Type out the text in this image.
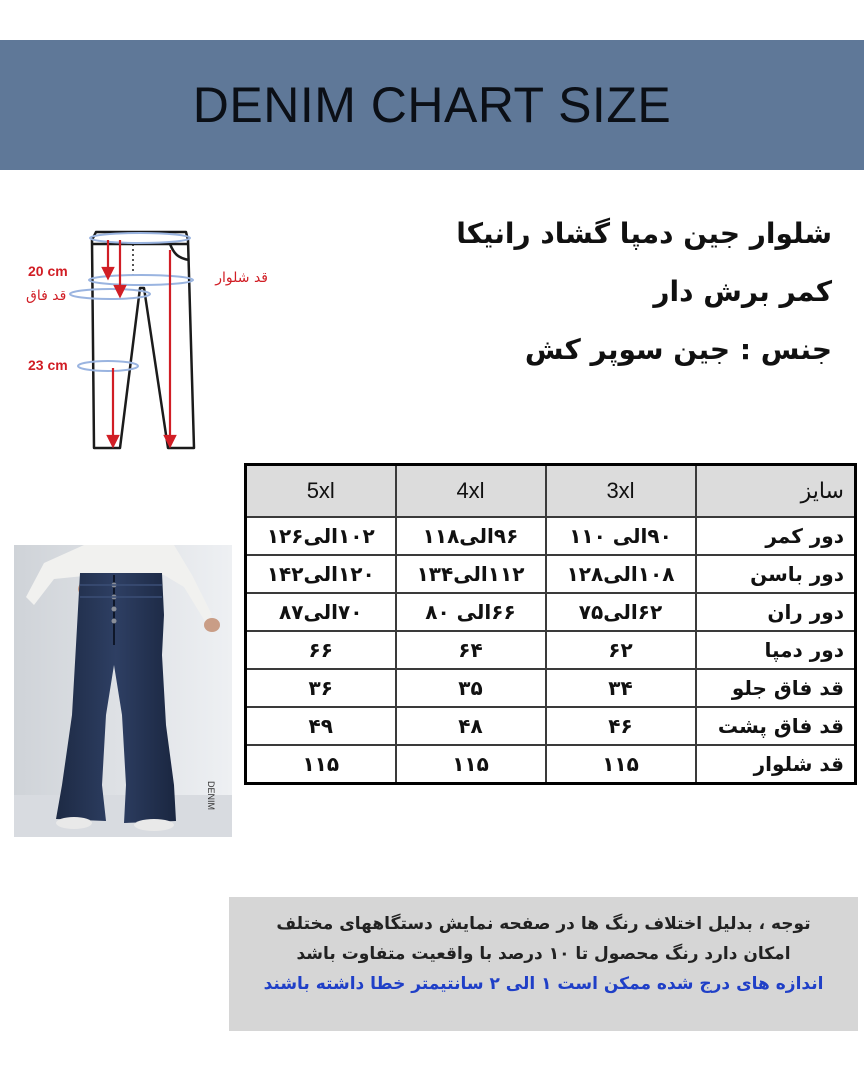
DENIM CHART SIZE
قد شلوار
20 cm
قد فاق
23 cm
شلوار جین دمپا گشاد رانیکا
کمر برش دار
جنس : جین سوپر کش
DENIM
سایز	3xl	4xl	5xl
دور کمر	۹۰الی ۱۱۰	۹۶الی۱۱۸	۱۰۲الی۱۲۶
دور باسن	۱۰۸الی۱۲۸	۱۱۲الی۱۳۴	۱۲۰الی۱۴۲
دور ران	۶۲الی۷۵	۶۶الی ۸۰	۷۰الی۸۷
دور دمپا	۶۲	۶۴	۶۶
قد فاق جلو	۳۴	۳۵	۳۶
قد فاق پشت	۴۶	۴۸	۴۹
قد شلوار	۱۱۵	۱۱۵	۱۱۵
توجه ، بدلیل اختلاف رنگ ها در صفحه نمایش دستگاههای مختلف
امکان دارد رنگ محصول تا ۱۰ درصد با واقعیت متفاوت باشد
اندازه های درج شده ممکن است ۱ الی ۲ سانتیمتر خطا داشته باشند
